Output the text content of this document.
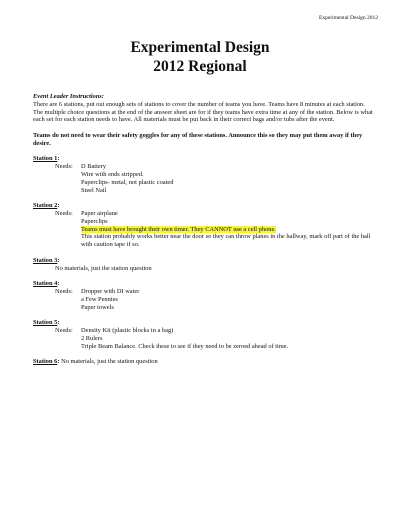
Experimental Design 2012
Experimental Design
2012 Regional

Event Leader Instructions:

There are 6 stations, put out enough sets of stations to cover the number of teams you have. Teams have 8 minutes at each station. The multiple choice questions at the end of the answer sheet are for if they teams have extra time at any of the station. Below is what each set for each station needs to have. All materials must be put back in their correct bags and/or tubs after the event.

Teams do not need to wear their safety goggles for any of these stations. Announce this so they may put them away if they desire.

Station 1:

Needs:	D Battery
Wire with ends stripped.
Paperclips- metal, not plastic coated
Steel Nail

Station 2:

Needs:	Paper airplane
Paperclips
Teams must have brought their own timer. They CANNOT use a cell phone.
This station probably works better near the door so they can throw planes in the hallway, mark off part of the hall with caution tape if so.

Station 3:

No materials, just the station question

Station 4:

Needs:	Dropper with DI water
a Few Pennies
Paper towels

Station 5:

Needs:	Density Kit (plastic blocks in a bag)
2 Rulers
Triple Beam Balance. Check these to see if they need to be zeroed ahead of time.

Station 6: No materials, just the station question
